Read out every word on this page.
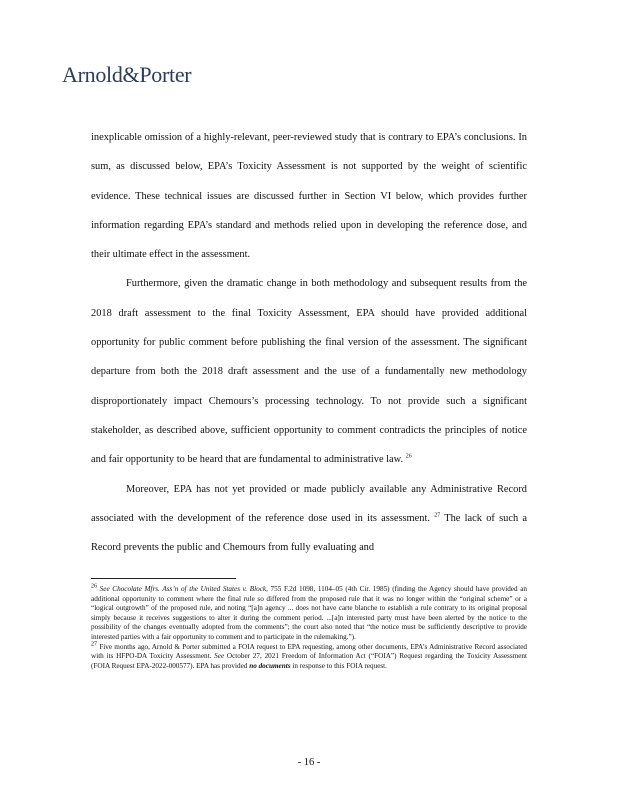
Arnold&Porter

inexplicable omission of a highly-relevant, peer-reviewed study that is contrary to EPA’s conclusions. In sum, as discussed below, EPA’s Toxicity Assessment is not supported by the weight of scientific evidence. These technical issues are discussed further in Section VI below, which provides further information regarding EPA’s standard and methods relied upon in developing the reference dose, and their ultimate effect in the assessment.

Furthermore, given the dramatic change in both methodology and subsequent results from the 2018 draft assessment to the final Toxicity Assessment, EPA should have provided additional opportunity for public comment before publishing the final version of the assessment. The significant departure from both the 2018 draft assessment and the use of a fundamentally new methodology disproportionately impact Chemours’s processing technology. To not provide such a significant stakeholder, as described above, sufficient opportunity to comment contradicts the principles of notice and fair opportunity to be heard that are fundamental to administrative law. $^{26}$

Moreover, EPA has not yet provided or made publicly available any Administrative Record associated with the development of the reference dose used in its assessment. $^{27}$ The lack of such a Record prevents the public and Chemours from fully evaluating and

$^{26}$ See Chocolate Mfrs. Ass’n of the United States v. Block, 755 F.2d 1098, 1104–05 (4th Cir. 1985) (finding the Agency should have provided an additional opportunity to comment where the final rule so differed from the proposed rule that it was no longer within the “original scheme” or a “logical outgrowth” of the proposed rule, and noting “[a]n agency ... does not have carte blanche to establish a rule contrary to its original proposal simply because it receives suggestions to alter it during the comment period. ...[a]n interested party must have been alerted by the notice to the possibility of the changes eventually adopted from the comments”; the court also noted that “the notice must be sufficiently descriptive to provide interested parties with a fair opportunity to comment and to participate in the rulemaking.”).

$^{27}$ Five months ago, Arnold & Porter submitted a FOIA request to EPA requesting, among other documents, EPA’s Administrative Record associated with its HFPO-DA Toxicity Assessment. See October 27, 2021 Freedom of Information Act (“FOIA”) Request regarding the Toxicity Assessment (FOIA Request EPA-2022-000577). EPA has provided no documents in response to this FOIA request.

- 16 -
